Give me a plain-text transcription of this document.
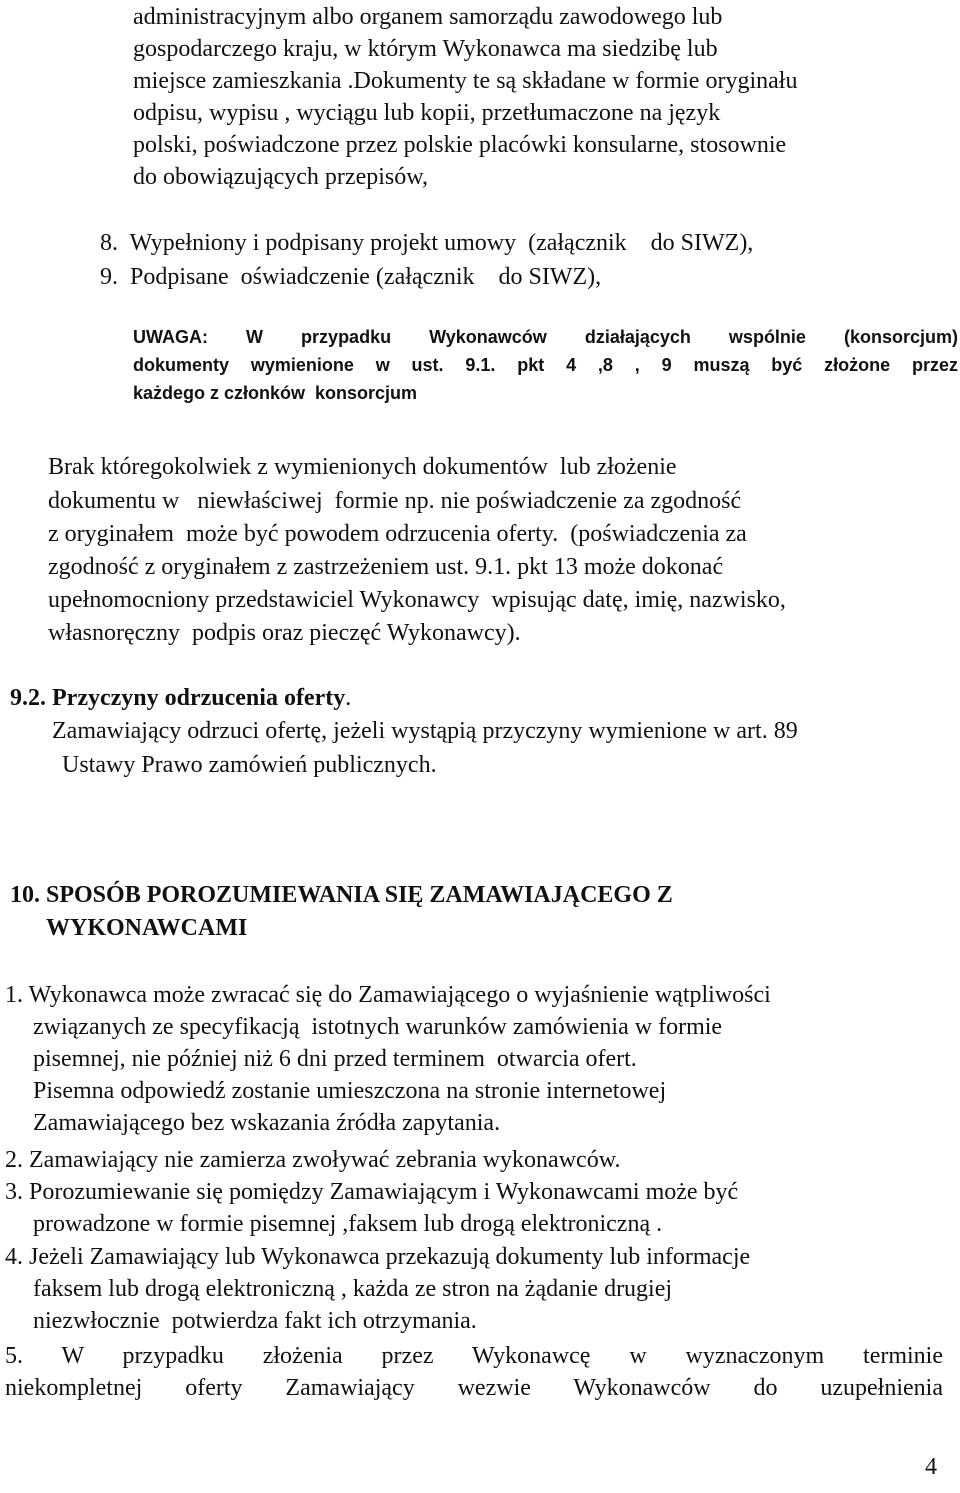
administracyjnym albo organem samorządu zawodowego lub
gospodarczego kraju, w którym Wykonawca ma siedzibę lub
miejsce zamieszkania .Dokumenty te są składane w formie oryginału
odpisu, wypisu , wyciągu lub kopii, przetłumaczone na język
polski, poświadczone przez polskie placówki konsularne, stosownie
do obowiązujących przepisów,
8.  Wypełniony i podpisany projekt umowy  (załącznik    do SIWZ),
9.  Podpisane  oświadczenie (załącznik    do SIWZ),
UWAGA: W przypadku Wykonawców działających wspólnie (konsorcjum)
dokumenty wymienione w ust. 9.1. pkt 4 ,8 , 9 muszą być złożone przez
każdego z członków  konsorcjum
Brak któregokolwiek z wymienionych dokumentów  lub złożenie
dokumentu w   niewłaściwej  formie np. nie poświadczenie za zgodność
z oryginałem  może być powodem odrzucenia oferty.  (poświadczenia za
zgodność z oryginałem z zastrzeżeniem ust. 9.1. pkt 13 może dokonać
upełnomocniony przedstawiciel Wykonawcy  wpisując datę, imię, nazwisko,
własnoręczny  podpis oraz pieczęć Wykonawcy).
9.2. Przyczyny odrzucenia oferty.
Zamawiający odrzuci ofertę, jeżeli wystąpią przyczyny wymienione w art. 89
Ustawy Prawo zamówień publicznych.
10. SPOSÓB POROZUMIEWANIA SIĘ ZAMAWIAJĄCEGO Z
WYKONAWCAMI
1. Wykonawca może zwracać się do Zamawiającego o wyjaśnienie wątpliwości
związanych ze specyfikacją  istotnych warunków zamówienia w formie
pisemnej, nie później niż 6 dni przed terminem  otwarcia ofert.
Pisemna odpowiedź zostanie umieszczona na stronie internetowej
Zamawiającego bez wskazania źródła zapytania.
2. Zamawiający nie zamierza zwoływać zebrania wykonawców.
3. Porozumiewanie się pomiędzy Zamawiającym i Wykonawcami może być
prowadzone w formie pisemnej ,faksem lub drogą elektroniczną .
4. Jeżeli Zamawiający lub Wykonawca przekazują dokumenty lub informacje
faksem lub drogą elektroniczną , każda ze stron na żądanie drugiej
niezwłocznie  potwierdza fakt ich otrzymania.
5. W przypadku złożenia przez Wykonawcę w wyznaczonym terminie
niekompletnej oferty Zamawiający wezwie Wykonawców do uzupełnienia
4
